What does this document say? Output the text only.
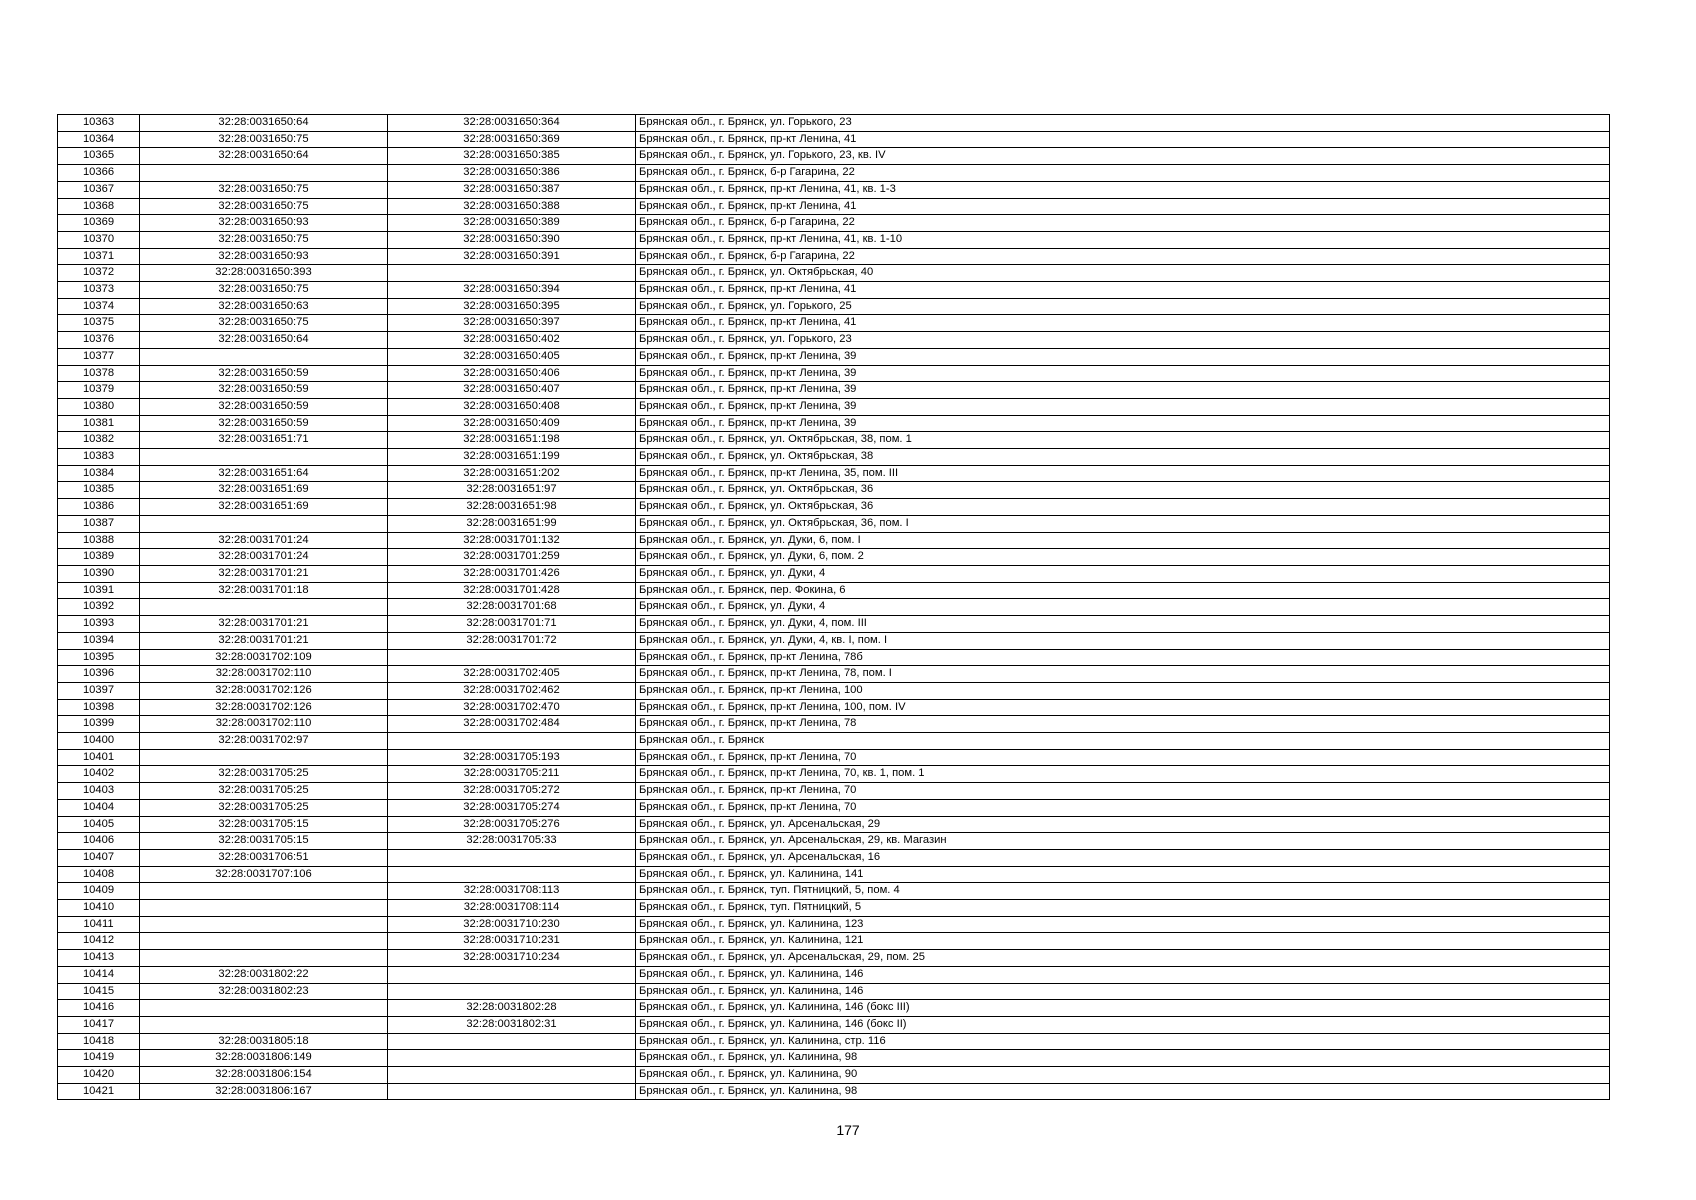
10363	32:28:0031650:64	32:28:0031650:364	Брянская обл., г. Брянск, ул. Горького, 23
10364	32:28:0031650:75	32:28:0031650:369	Брянская обл., г. Брянск, пр-кт Ленина, 41
10365	32:28:0031650:64	32:28:0031650:385	Брянская обл., г. Брянск, ул. Горького, 23, кв. IV
10366		32:28:0031650:386	Брянская обл., г. Брянск, б-р Гагарина, 22
10367	32:28:0031650:75	32:28:0031650:387	Брянская обл., г. Брянск, пр-кт Ленина, 41, кв. 1-3
10368	32:28:0031650:75	32:28:0031650:388	Брянская обл., г. Брянск, пр-кт Ленина, 41
10369	32:28:0031650:93	32:28:0031650:389	Брянская обл., г. Брянск, б-р Гагарина, 22
10370	32:28:0031650:75	32:28:0031650:390	Брянская обл., г. Брянск, пр-кт Ленина, 41, кв. 1-10
10371	32:28:0031650:93	32:28:0031650:391	Брянская обл., г. Брянск, б-р Гагарина, 22
10372	32:28:0031650:393		Брянская обл., г. Брянск, ул. Октябрьская, 40
10373	32:28:0031650:75	32:28:0031650:394	Брянская обл., г. Брянск, пр-кт Ленина, 41
10374	32:28:0031650:63	32:28:0031650:395	Брянская обл., г. Брянск, ул. Горького, 25
10375	32:28:0031650:75	32:28:0031650:397	Брянская обл., г. Брянск, пр-кт Ленина, 41
10376	32:28:0031650:64	32:28:0031650:402	Брянская обл., г. Брянск, ул. Горького, 23
10377		32:28:0031650:405	Брянская обл., г. Брянск, пр-кт Ленина, 39
10378	32:28:0031650:59	32:28:0031650:406	Брянская обл., г. Брянск, пр-кт Ленина, 39
10379	32:28:0031650:59	32:28:0031650:407	Брянская обл., г. Брянск, пр-кт Ленина, 39
10380	32:28:0031650:59	32:28:0031650:408	Брянская обл., г. Брянск, пр-кт Ленина, 39
10381	32:28:0031650:59	32:28:0031650:409	Брянская обл., г. Брянск, пр-кт Ленина, 39
10382	32:28:0031651:71	32:28:0031651:198	Брянская обл., г. Брянск, ул. Октябрьская, 38, пом. 1
10383		32:28:0031651:199	Брянская обл., г. Брянск, ул. Октябрьская, 38
10384	32:28:0031651:64	32:28:0031651:202	Брянская обл., г. Брянск, пр-кт Ленина, 35, пом. III
10385	32:28:0031651:69	32:28:0031651:97	Брянская обл., г. Брянск, ул. Октябрьская, 36
10386	32:28:0031651:69	32:28:0031651:98	Брянская обл., г. Брянск, ул. Октябрьская, 36
10387		32:28:0031651:99	Брянская обл., г. Брянск, ул. Октябрьская, 36, пом. I
10388	32:28:0031701:24	32:28:0031701:132	Брянская обл., г. Брянск, ул. Дуки, 6, пом. I
10389	32:28:0031701:24	32:28:0031701:259	Брянская обл., г. Брянск, ул. Дуки, 6, пом. 2
10390	32:28:0031701:21	32:28:0031701:426	Брянская обл., г. Брянск, ул. Дуки, 4
10391	32:28:0031701:18	32:28:0031701:428	Брянская обл., г. Брянск, пер. Фокина, 6
10392		32:28:0031701:68	Брянская обл., г. Брянск, ул. Дуки, 4
10393	32:28:0031701:21	32:28:0031701:71	Брянская обл., г. Брянск, ул. Дуки, 4, пом. III
10394	32:28:0031701:21	32:28:0031701:72	Брянская обл., г. Брянск, ул. Дуки, 4, кв. I, пом. I
10395	32:28:0031702:109		Брянская обл., г. Брянск, пр-кт Ленина, 78б
10396	32:28:0031702:110	32:28:0031702:405	Брянская обл., г. Брянск, пр-кт Ленина, 78, пом. I
10397	32:28:0031702:126	32:28:0031702:462	Брянская обл., г. Брянск, пр-кт Ленина, 100
10398	32:28:0031702:126	32:28:0031702:470	Брянская обл., г. Брянск, пр-кт Ленина, 100, пом. IV
10399	32:28:0031702:110	32:28:0031702:484	Брянская обл., г. Брянск, пр-кт Ленина, 78
10400	32:28:0031702:97		Брянская обл., г. Брянск
10401		32:28:0031705:193	Брянская обл., г. Брянск, пр-кт Ленина, 70
10402	32:28:0031705:25	32:28:0031705:211	Брянская обл., г. Брянск, пр-кт Ленина, 70, кв. 1, пом. 1
10403	32:28:0031705:25	32:28:0031705:272	Брянская обл., г. Брянск, пр-кт Ленина, 70
10404	32:28:0031705:25	32:28:0031705:274	Брянская обл., г. Брянск, пр-кт Ленина, 70
10405	32:28:0031705:15	32:28:0031705:276	Брянская обл., г. Брянск, ул. Арсенальская, 29
10406	32:28:0031705:15	32:28:0031705:33	Брянская обл., г. Брянск, ул. Арсенальская, 29, кв. Магазин
10407	32:28:0031706:51		Брянская обл., г. Брянск, ул. Арсенальская, 16
10408	32:28:0031707:106		Брянская обл., г. Брянск, ул. Калинина, 141
10409		32:28:0031708:113	Брянская обл., г. Брянск, туп. Пятницкий, 5, пом. 4
10410		32:28:0031708:114	Брянская обл., г. Брянск, туп. Пятницкий, 5
10411		32:28:0031710:230	Брянская обл., г. Брянск, ул. Калинина, 123
10412		32:28:0031710:231	Брянская обл., г. Брянск, ул. Калинина, 121
10413		32:28:0031710:234	Брянская обл., г. Брянск, ул. Арсенальская, 29, пом. 25
10414	32:28:0031802:22		Брянская обл., г. Брянск, ул. Калинина, 146
10415	32:28:0031802:23		Брянская обл., г. Брянск, ул. Калинина, 146
10416		32:28:0031802:28	Брянская обл., г. Брянск, ул. Калинина, 146 (бокс III)
10417		32:28:0031802:31	Брянская обл., г. Брянск, ул. Калинина, 146 (бокс II)
10418	32:28:0031805:18		Брянская обл., г. Брянск, ул. Калинина, стр. 116
10419	32:28:0031806:149		Брянская обл., г. Брянск, ул. Калинина, 98
10420	32:28:0031806:154		Брянская обл., г. Брянск, ул. Калинина, 90
10421	32:28:0031806:167		Брянская обл., г. Брянск, ул. Калинина, 98
177
